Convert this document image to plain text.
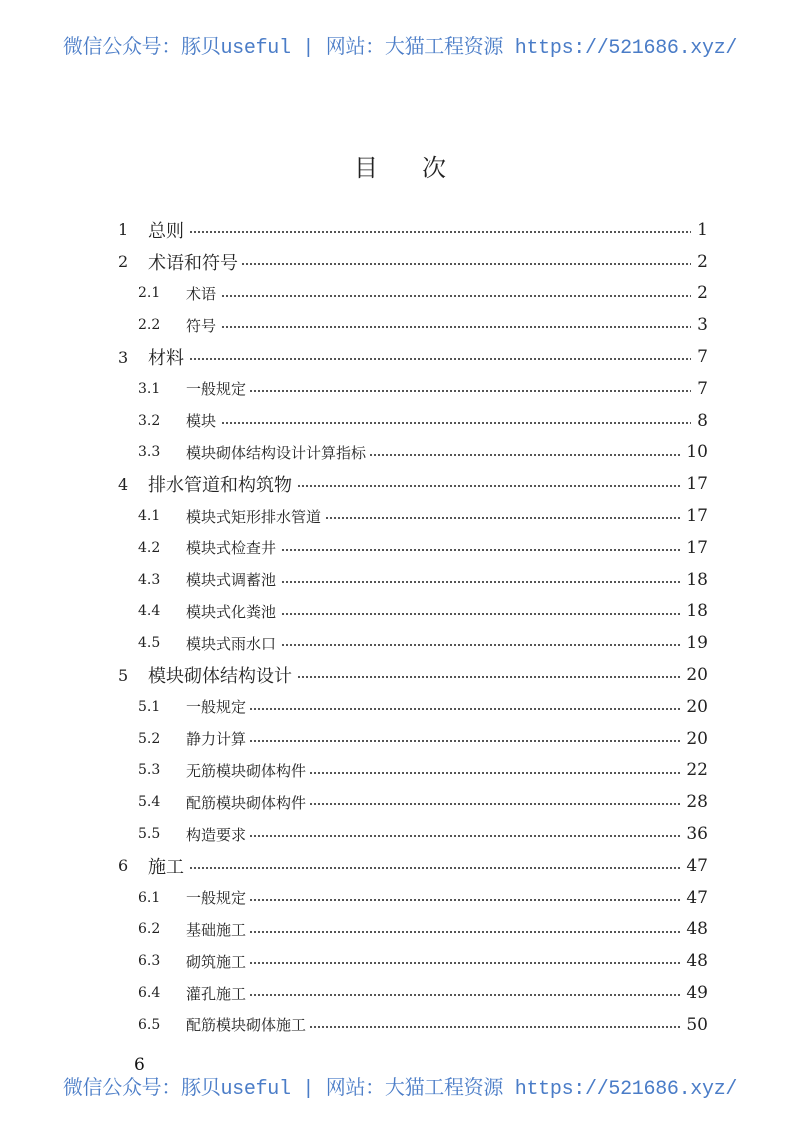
微信公众号：豚贝useful | 网站：大猫工程资源 https://521686.xyz/
目次
1 总则	1
2 术语和符号	2
2.1 术语	2
2.2 符号	3
3 材料	7
3.1 一般规定	7
3.2 模块	8
3.3 模块砌体结构设计计算指标	10
4 排水管道和构筑物	17
4.1 模块式矩形排水管道	17
4.2 模块式检查井	17
4.3 模块式调蓄池	18
4.4 模块式化粪池	18
4.5 模块式雨水口	19
5 模块砌体结构设计	20
5.1 一般规定	20
5.2 静力计算	20
5.3 无筋模块砌体构件	22
5.4 配筋模块砌体构件	28
5.5 构造要求	36
6 施工	47
6.1 一般规定	47
6.2 基础施工	48
6.3 砌筑施工	48
6.4 灌孔施工	49
6.5 配筋模块砌体施工	50
6
微信公众号：豚贝useful | 网站：大猫工程资源 https://521686.xyz/
